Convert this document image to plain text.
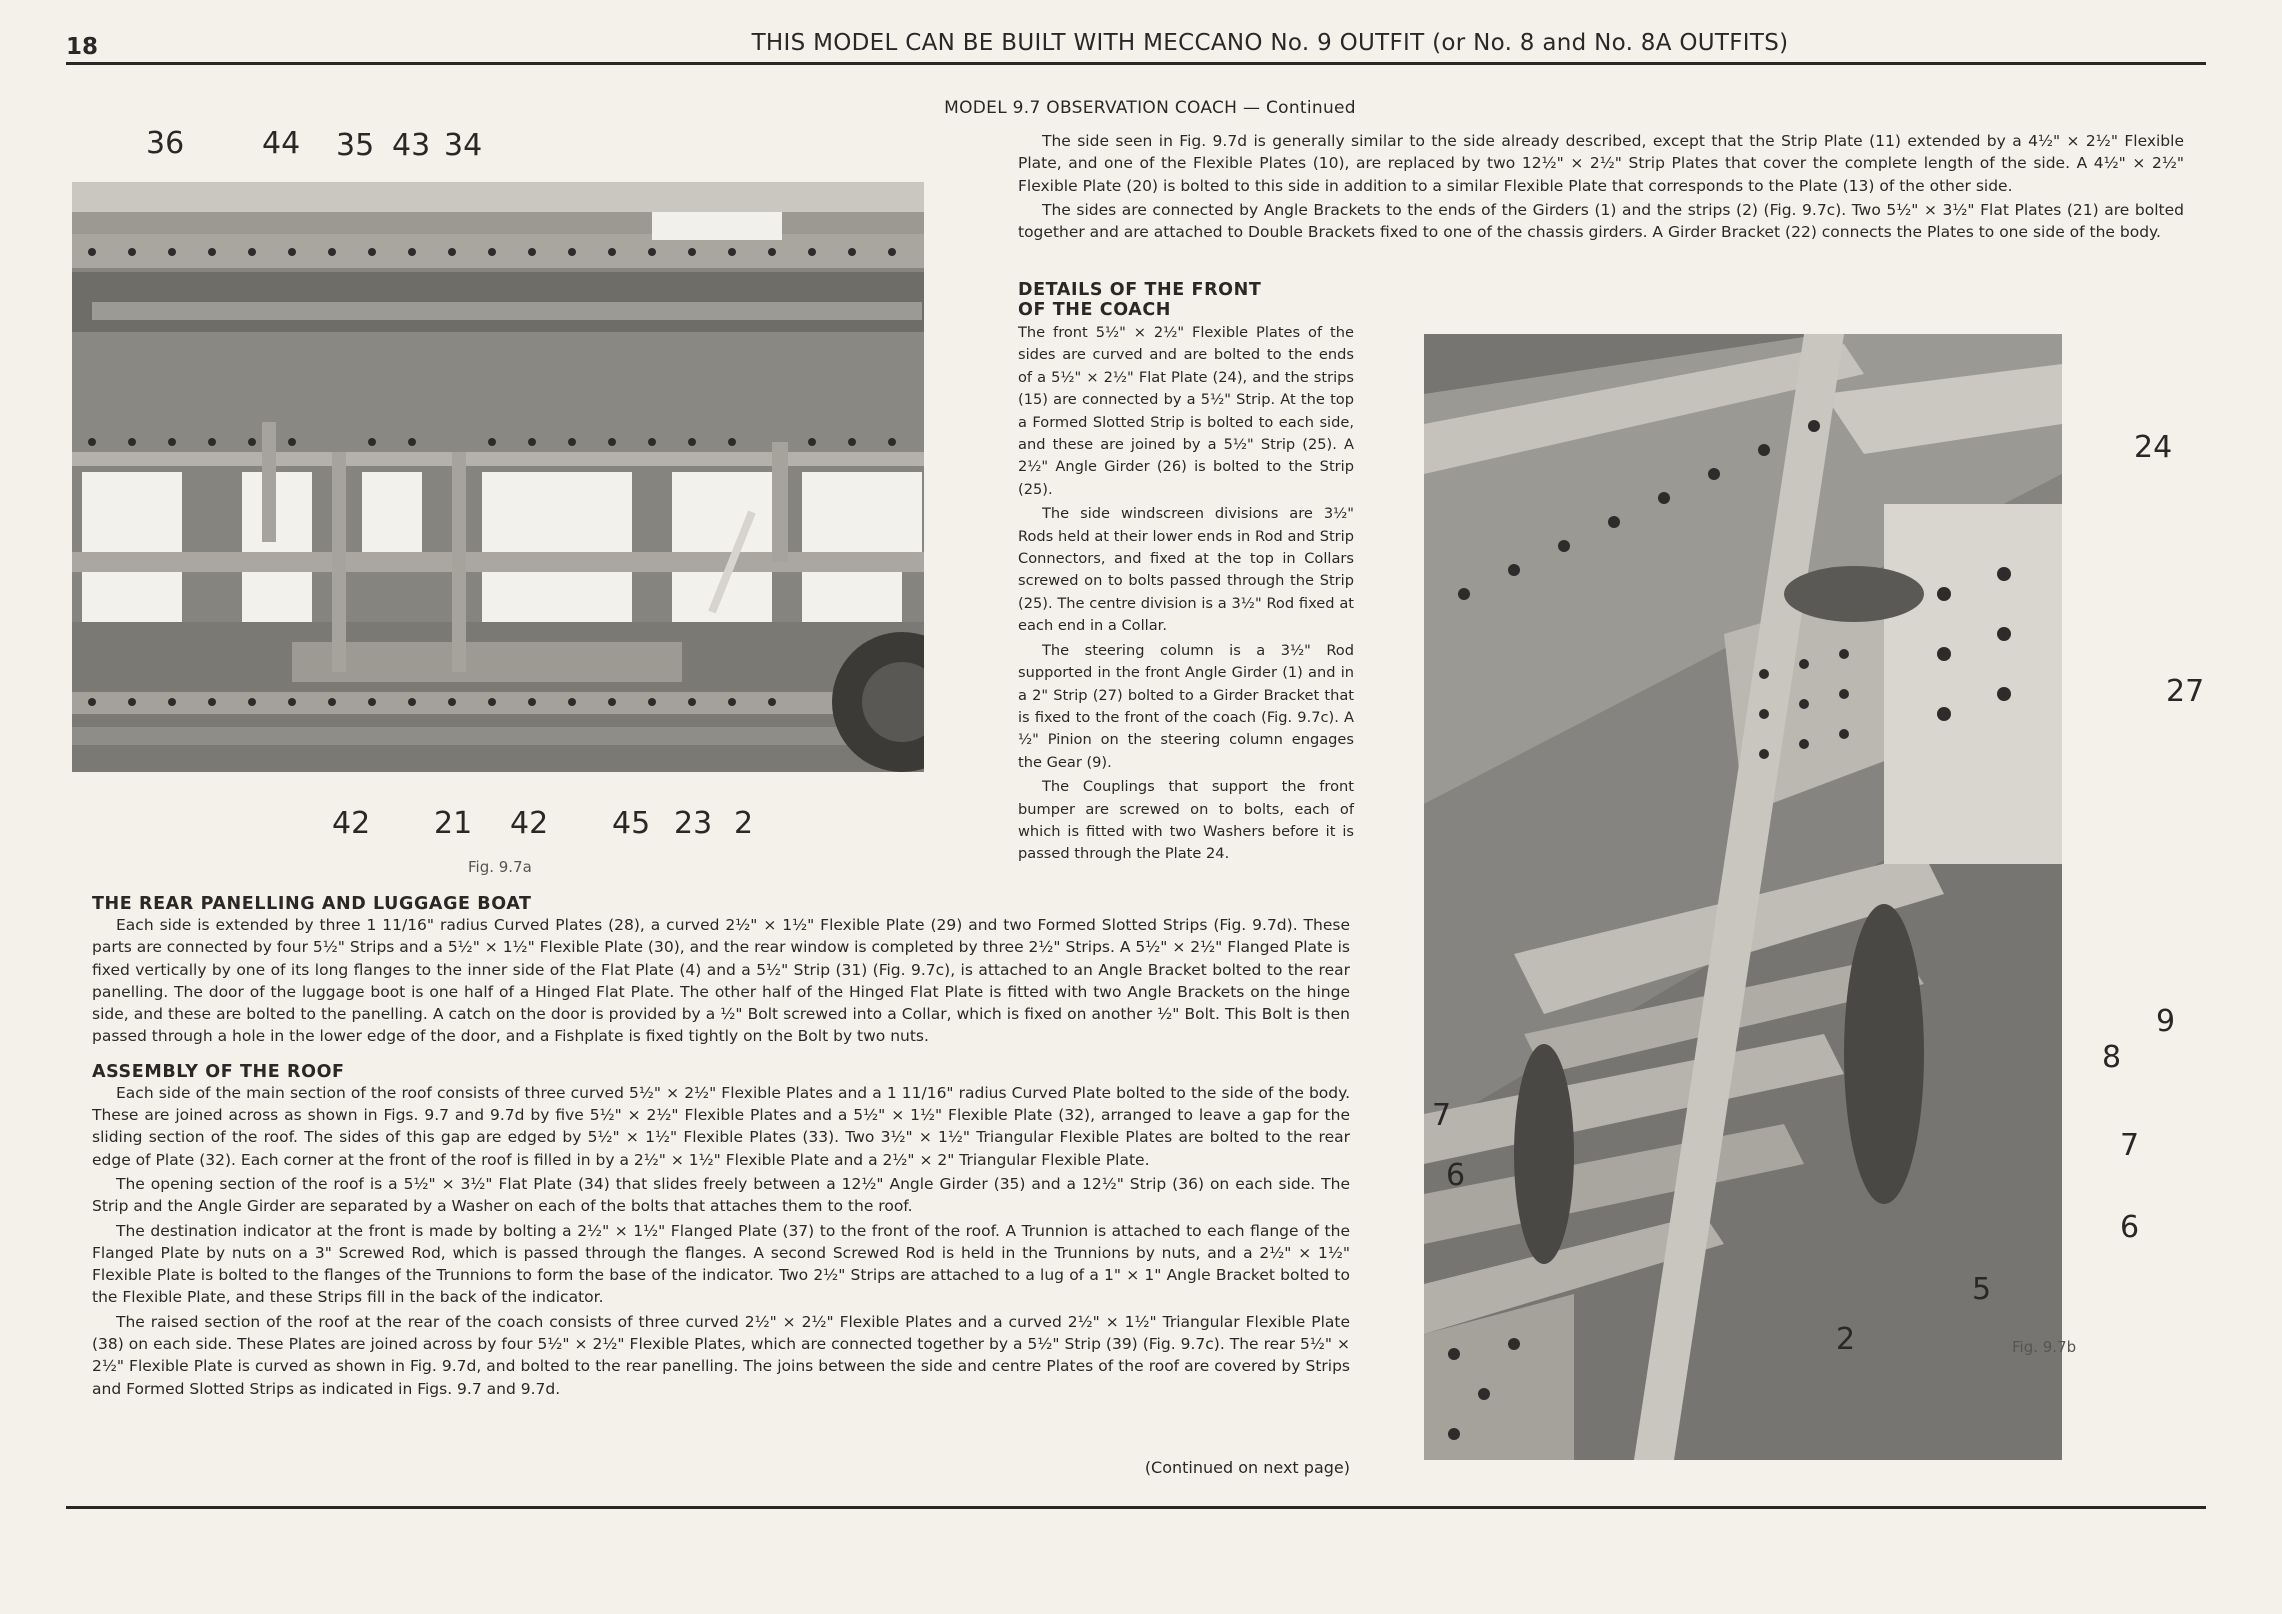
18	THIS MODEL CAN BE BUILT WITH MECCANO No. 9 OUTFIT (or No. 8 and No. 8A OUTFITS)
36	44 35 43 34
42 21 42 45 23 2
Fig. 9.7a
MODEL 9.7 OBSERVATION COACH — Continued

The side seen in Fig. 9.7d is generally similar to the side already described, except that the Strip Plate (11) extended by a 4½" × 2½" Flexible Plate, and one of the Flexible Plates (10), are replaced by two 12½" × 2½" Strip Plates that cover the complete length of the side. A 4½" × 2½" Flexible Plate (20) is bolted to this side in addition to a similar Flexible Plate that corresponds to the Plate (13) of the other side.

The sides are connected by Angle Brackets to the ends of the Girders (1) and the strips (2) (Fig. 9.7c). Two 5½" × 3½" Flat Plates (21) are bolted together and are attached to Double Brackets fixed to one of the chassis girders. A Girder Bracket (22) connects the Plates to one side of the body.

DETAILS OF THE FRONT
OF THE COACH

The front 5½" × 2½" Flexible Plates of the sides are curved and are bolted to the ends of a 5½" × 2½" Flat Plate (24), and the strips (15) are connected by a 5½" Strip. At the top a Formed Slotted Strip is bolted to each side, and these are joined by a 5½" Strip (25). A 2½" Angle Girder (26) is bolted to the Strip (25).

The side windscreen divisions are 3½" Rods held at their lower ends in Rod and Strip Connectors, and fixed at the top in Collars screwed on to bolts passed through the Strip (25). The centre division is a 3½" Rod fixed at each end in a Collar.

The steering column is a 3½" Rod supported in the front Angle Girder (1) and in a 2" Strip (27) bolted to a Girder Bracket that is fixed to the front of the coach (Fig. 9.7c). A ½" Pinion on the steering column engages the Gear (9).

The Couplings that support the front bumper are screwed on to bolts, each of which is fitted with two Washers before it is passed through the Plate 24.

24
27
9
8
7
7
6
6
5
2	Fig. 9.7b
THE REAR PANELLING AND LUGGAGE BOAT

Each side is extended by three 1 11/16" radius Curved Plates (28), a curved 2½" × 1½" Flexible Plate (29) and two Formed Slotted Strips (Fig. 9.7d). These parts are connected by four 5½" Strips and a 5½" × 1½" Flexible Plate (30), and the rear window is completed by three 2½" Strips. A 5½" × 2½" Flanged Plate is fixed vertically by one of its long flanges to the inner side of the Flat Plate (4) and a 5½" Strip (31) (Fig. 9.7c), is attached to an Angle Bracket bolted to the rear panelling. The door of the luggage boot is one half of a Hinged Flat Plate. The other half of the Hinged Flat Plate is fitted with two Angle Brackets on the hinge side, and these are bolted to the panelling. A catch on the door is provided by a ½" Bolt screwed into a Collar, which is fixed on another ½" Bolt. This Bolt is then passed through a hole in the lower edge of the door, and a Fishplate is fixed tightly on the Bolt by two nuts.

ASSEMBLY OF THE ROOF

Each side of the main section of the roof consists of three curved 5½" × 2½" Flexible Plates and a 1 11/16" radius Curved Plate bolted to the side of the body. These are joined across as shown in Figs. 9.7 and 9.7d by five 5½" × 2½" Flexible Plates and a 5½" × 1½" Flexible Plate (32), arranged to leave a gap for the sliding section of the roof. The sides of this gap are edged by 5½" × 1½" Flexible Plates (33). Two 3½" × 1½" Triangular Flexible Plates are bolted to the rear edge of Plate (32). Each corner at the front of the roof is filled in by a 2½" × 1½" Flexible Plate and a 2½" × 2" Triangular Flexible Plate.

The opening section of the roof is a 5½" × 3½" Flat Plate (34) that slides freely between a 12½" Angle Girder (35) and a 12½" Strip (36) on each side. The Strip and the Angle Girder are separated by a Washer on each of the bolts that attaches them to the roof.

The destination indicator at the front is made by bolting a 2½" × 1½" Flanged Plate (37) to the front of the roof. A Trunnion is attached to each flange of the Flanged Plate by nuts on a 3" Screwed Rod, which is passed through the flanges. A second Screwed Rod is held in the Trunnions by nuts, and a 2½" × 1½" Flexible Plate is bolted to the flanges of the Trunnions to form the base of the indicator. Two 2½" Strips are attached to a lug of a 1" × 1" Angle Bracket bolted to the Flexible Plate, and these Strips fill in the back of the indicator.

The raised section of the roof at the rear of the coach consists of three curved 2½" × 2½" Flexible Plates and a curved 2½" × 1½" Triangular Flexible Plate (38) on each side. These Plates are joined across by four 5½" × 2½" Flexible Plates, which are connected together by a 5½" Strip (39) (Fig. 9.7c). The rear 5½" × 2½" Flexible Plate is curved as shown in Fig. 9.7d, and bolted to the rear panelling. The joins between the side and centre Plates of the roof are covered by Strips and Formed Slotted Strips as indicated in Figs. 9.7 and 9.7d.

(Continued on next page)
